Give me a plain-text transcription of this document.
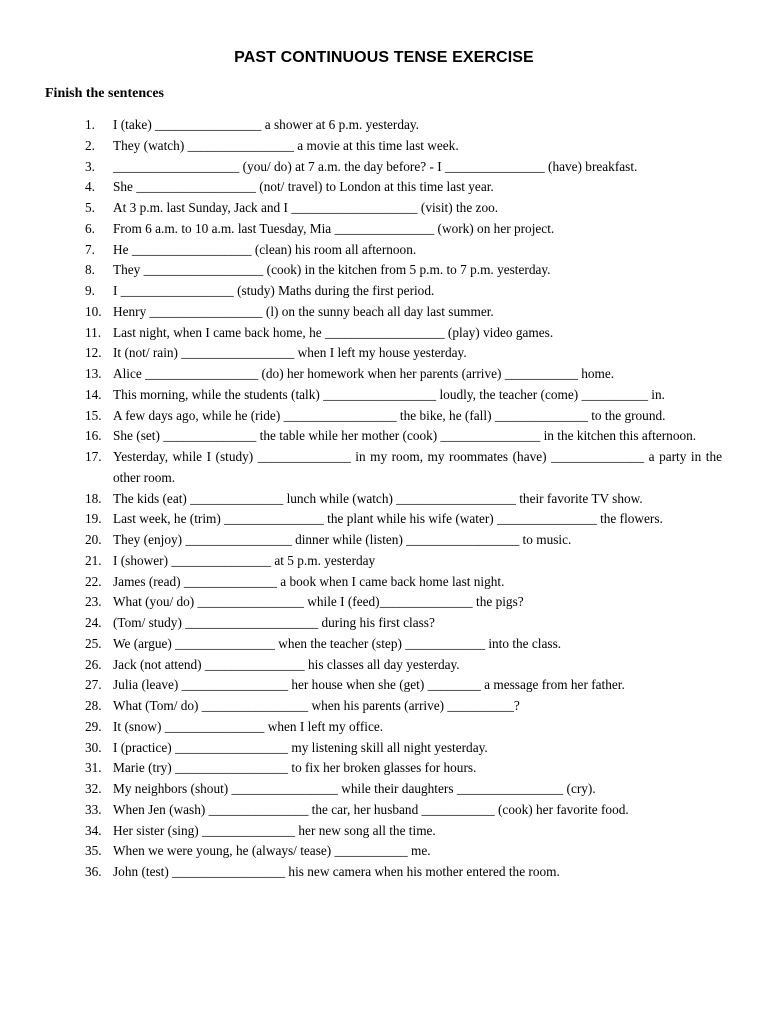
PAST CONTINUOUS TENSE EXERCISE
Finish the sentences
1. I (take) ________________ a shower at 6 p.m. yesterday.
2. They (watch) ________________ a movie at this time last week.
3. ___________________ (you/ do) at 7 a.m. the day before? - I _______________ (have) breakfast.
4. She __________________ (not/ travel) to London at this time last year.
5. At 3 p.m. last Sunday, Jack and I ___________________ (visit) the zoo.
6. From 6 a.m. to 10 a.m. last Tuesday, Mia _______________ (work) on her project.
7. He __________________ (clean) his room all afternoon.
8. They __________________ (cook) in the kitchen from 5 p.m. to 7 p.m. yesterday.
9. I _________________ (study) Maths during the first period.
10. Henry _________________ (l) on the sunny beach all day last summer.
11. Last night, when I came back home, he __________________ (play) video games.
12. It (not/ rain) _________________ when I left my house yesterday.
13. Alice _________________ (do) her homework when her parents (arrive) ___________ home.
14. This morning, while the students (talk) _________________ loudly, the teacher (come) __________ in.
15. A few days ago, while he (ride) _________________ the bike, he (fall) ______________ to the ground.
16. She (set) ______________ the table while her mother (cook) _______________ in the kitchen this afternoon.
17. Yesterday, while I (study) ______________ in my room, my roommates (have) ______________ a party in the other room.
18. The kids (eat) ______________ lunch while (watch) __________________ their favorite TV show.
19. Last week, he (trim) _______________ the plant while his wife (water) _______________ the flowers.
20. They (enjoy) ________________ dinner while (listen) _________________ to music.
21. I (shower) _______________ at 5 p.m. yesterday
22. James (read) ______________ a book when I came back home last night.
23. What (you/ do) ________________ while I (feed)______________ the pigs?
24. (Tom/ study) ____________________ during his first class?
25. We (argue) _______________ when the teacher (step) ____________ into the class.
26. Jack (not attend) _______________ his classes all day yesterday.
27. Julia (leave) ________________ her house when she (get) ________ a message from her father.
28. What (Tom/ do) ________________ when his parents (arrive) __________?
29. It (snow) _______________ when I left my office.
30. I (practice) _________________ my listening skill all night yesterday.
31. Marie (try) _________________ to fix her broken glasses for hours.
32. My neighbors (shout) ________________ while their daughters ________________ (cry).
33. When Jen (wash) _______________ the car, her husband ___________ (cook) her favorite food.
34. Her sister (sing) ______________ her new song all the time.
35. When we were young, he (always/ tease) ___________ me.
36. John (test) _________________ his new camera when his mother entered the room.
